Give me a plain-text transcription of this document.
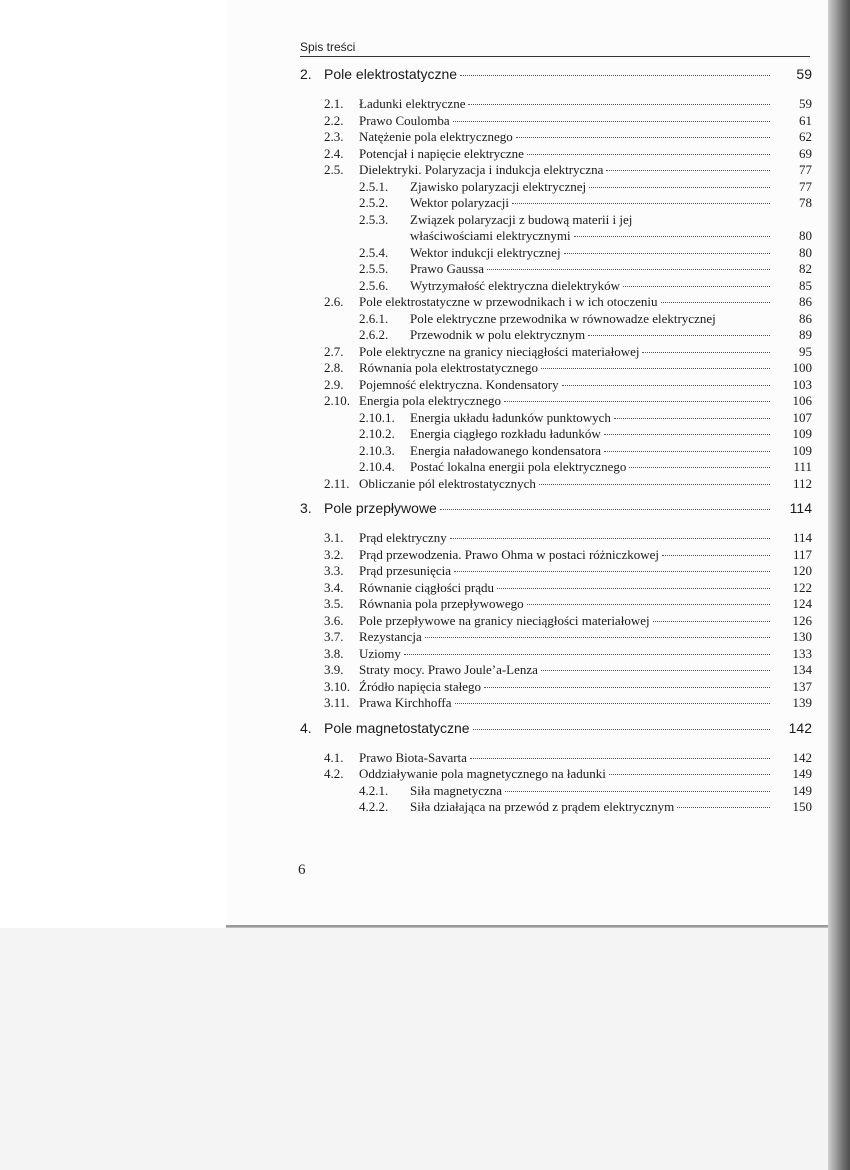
Spis treści
2. Pole elektrostatyczne	59
2.1.	Ładunki elektryczne	59
2.2.	Prawo Coulomba	61
2.3.	Natężenie pola elektrycznego	62
2.4.	Potencjał i napięcie elektryczne	69
2.5.	Dielektryki. Polaryzacja i indukcja elektryczna	77
2.5.1.	Zjawisko polaryzacji elektrycznej	77
2.5.2.	Wektor polaryzacji	78
2.5.3.	Związek polaryzacji z budową materii i jej
właściwościami elektrycznymi	80
2.5.4.	Wektor indukcji elektrycznej	80
2.5.5.	Prawo Gaussa	82
2.5.6.	Wytrzymałość elektryczna dielektryków	85
2.6.	Pole elektrostatyczne w przewodnikach i w ich otoczeniu	86
2.6.1.	Pole elektryczne przewodnika w równowadze elektrycznej	86
2.6.2.	Przewodnik w polu elektrycznym	89
2.7.	Pole elektryczne na granicy nieciągłości materiałowej	95
2.8.	Równania pola elektrostatycznego	100
2.9.	Pojemność elektryczna. Kondensatory	103
2.10. Energia pola elektrycznego	106
2.10.1.	Energia układu ładunków punktowych	107
2.10.2.	Energia ciągłego rozkładu ładunków	109
2.10.3.	Energia naładowanego kondensatora	109
2.10.4.	Postać lokalna energii pola elektrycznego	111
2.11. Obliczanie pól elektrostatycznych	112
3. Pole przepływowe	114
3.1.	Prąd elektryczny	114
3.2.	Prąd przewodzenia. Prawo Ohma w postaci różniczkowej	117
3.3.	Prąd przesunięcia	120
3.4.	Równanie ciągłości prądu	122
3.5.	Równania pola przepływowego	124
3.6.	Pole przepływowe na granicy nieciągłości materiałowej	126
3.7.	Rezystancja	130
3.8.	Uziomy	133
3.9.	Straty mocy. Prawo Joule’a-Lenza	134
3.10. Źródło napięcia stałego	137
3.11. Prawa Kirchhoffa	139
4. Pole magnetostatyczne	142
4.1.	Prawo Biota-Savarta	142
4.2.	Oddziaływanie pola magnetycznego na ładunki	149
4.2.1.	Siła magnetyczna	149
4.2.2.	Siła działająca na przewód z prądem elektrycznym	150
6
